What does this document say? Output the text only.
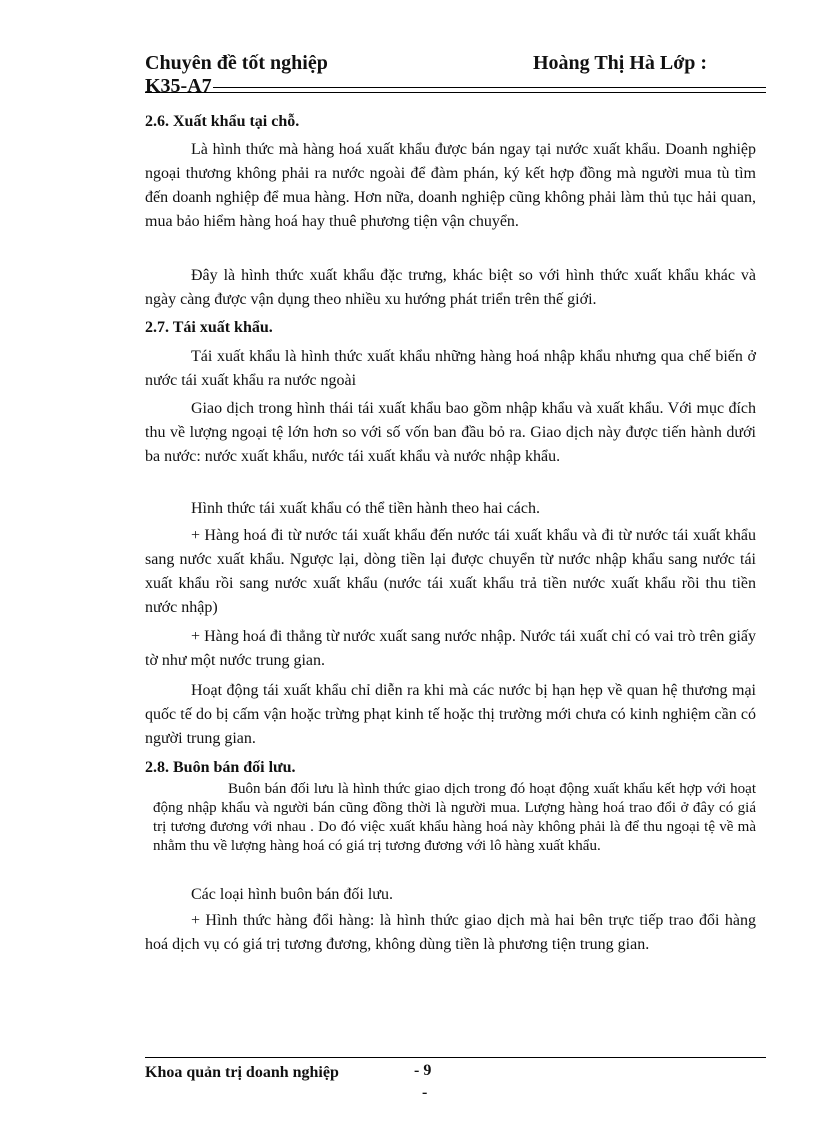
Chuyên đề tốt nghiệp	Hoàng Thị Hà Lớp :
K35-A7
2.6. Xuất khẩu tại chỗ.

Là hình thức mà hàng hoá xuất khẩu được bán ngay tại nước xuất khẩu. Doanh nghiệp ngoại thương không phải ra nước ngoài để đàm phán, ký kết hợp đồng mà người mua tù tìm đến doanh nghiệp để mua hàng. Hơn nữa, doanh nghiệp cũng không phải làm thủ tục hải quan, mua bảo hiểm hàng hoá hay thuê phương tiện vận chuyển.

Đây là hình thức xuất khẩu đặc trưng, khác biệt so với hình thức xuất khẩu khác và ngày càng được vận dụng theo nhiều xu hướng phát triển trên thế giới.

2.7. Tái xuất khẩu.

Tái xuất khẩu là hình thức xuất khẩu những hàng hoá nhập khẩu nhưng qua chế biến ở nước tái xuất khẩu ra nước ngoài

Giao dịch trong hình thái tái xuất khẩu bao gồm nhập khẩu và xuất khẩu. Với mục đích thu về lượng ngoại tệ lớn hơn so với số vốn ban đầu bỏ ra. Giao dịch này được tiến hành dưới ba nước: nước xuất khẩu, nước tái xuất khẩu và nước nhập khẩu.

Hình thức tái xuất khẩu có thể tiền hành theo hai cách.

+ Hàng hoá đi từ nước tái xuất khẩu đến nước tái xuất khẩu và đi từ nước tái xuất khẩu sang nước xuất khẩu. Ngược lại, dòng tiền lại được chuyển từ nước nhập khẩu sang nước tái xuất khẩu rồi sang nước xuất khẩu (nước tái xuất khẩu trả tiền nước xuất khẩu rồi thu tiền nước nhập)

+ Hàng hoá đi thẳng từ nước xuất sang nước nhập. Nước tái xuất chỉ có vai trò trên giấy tờ như một nước trung gian.

Hoạt động tái xuất khẩu chỉ diễn ra khi mà các nước bị hạn hẹp về quan hệ thương mại quốc tế do bị cấm vận hoặc trừng phạt kinh tế hoặc thị trường mới chưa có kinh nghiệm cần có người trung gian.

2.8. Buôn bán đối lưu.

Buôn bán đối lưu là hình thức giao dịch trong đó hoạt động xuất khẩu kết hợp với hoạt động nhập khẩu và người bán cũng đồng thời là người mua. Lượng hàng hoá trao đổi ở đây có giá trị tương đương với nhau . Do đó việc xuất khẩu hàng hoá này không phải là để thu ngoại tệ về mà nhằm thu về lượng hàng hoá có giá trị tương đương với lô hàng xuất khẩu.

Các loại hình buôn bán đối lưu.

+ Hình thức hàng đổi hàng: là hình thức giao dịch mà hai bên trực tiếp trao đổi hàng hoá dịch vụ có giá trị tương đương, không dùng tiền là phương tiện trung gian.

Khoa quản trị doanh nghiệp	- 9
-
